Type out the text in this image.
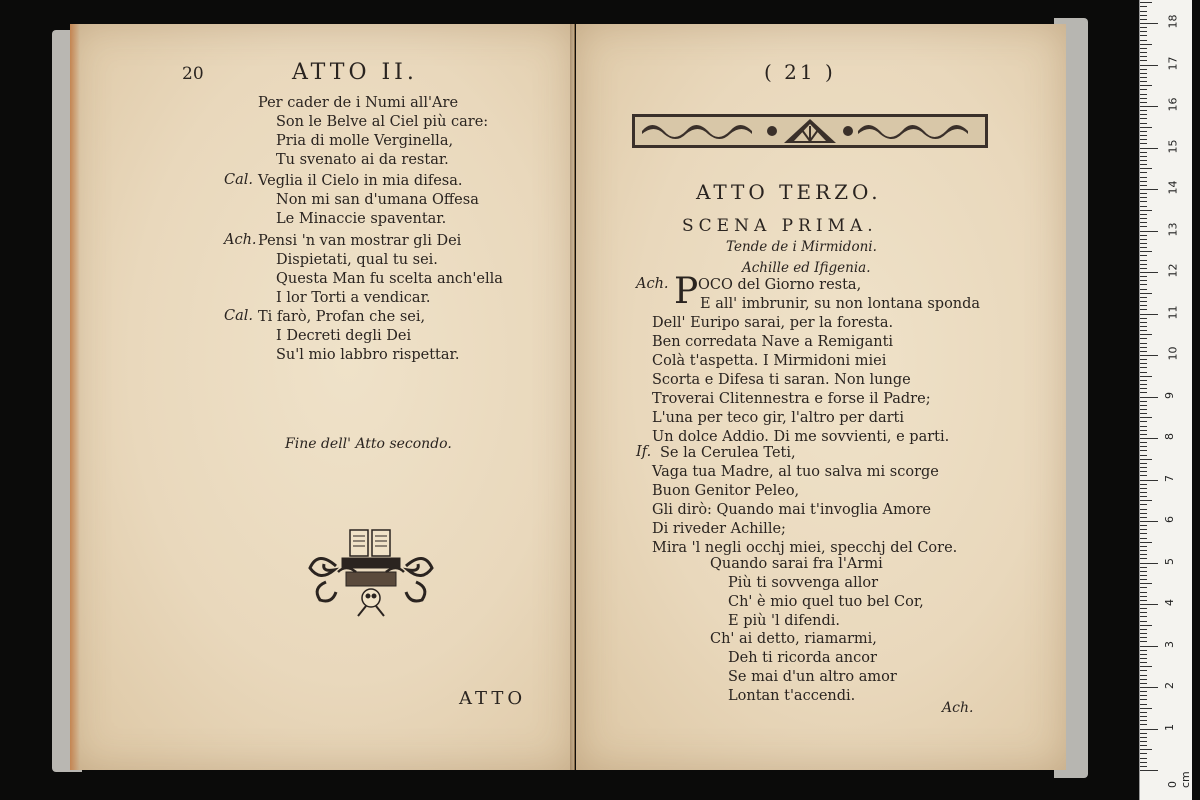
20	ATTO II.
Per cader de i Numi all'Are
Son le Belve al Ciel più care:
Pria di molle Verginella,
Tu svenato ai da restar.
Cal. Veglia il Cielo in mia difesa.
Non mi san d'umana Offesa
Le Minaccie spaventar.
Ach. Pensi 'n van mostrar gli Dei
Dispietati, qual tu sei.
Questa Man fu scelta anch'ella
I lor Torti a vendicar.
Cal. Ti farò, Profan che sei,
I Decreti degli Dei
Su'l mio labbro rispettar.
Fine dell' Atto secondo.
ATTO
( 21 )
ATTO TERZO.
SCENA PRIMA.
Tende de i Mirmidoni.
Achille ed Ifigenia.
Ach. P OCO del Giorno resta,
E all' imbrunir, su non lontana sponda
Dell' Euripo sarai, per la foresta.
Ben corredata Nave a Remiganti
Colà t'aspetta. I Mirmidoni miei
Scorta e Difesa ti saran. Non lunge
Troverai Clitennestra e forse il Padre;
L'una per teco gir, l'altro per darti
Un dolce Addio. Di me sovvienti, e parti.
If. Se la Cerulea Teti,
Vaga tua Madre, al tuo salva mi scorge
Buon Genitor Peleo,
Gli dirò: Quando mai t'invoglia Amore
Di riveder Achille;
Mira 'l negli occhj miei, specchj del Core.
Quando sarai fra l'Armi
Più ti sovvenga allor
Ch' è mio quel tuo bel Cor,
E più 'l difendi.
Ch' ai detto, riamarmi,
Deh ti ricorda ancor
Se mai d'un altro amor
Lontan t'accendi.
Ach.
0 cm
1
2
3
4
5
6
7
8
9
10
11
12
13
14
15
16
17
18
